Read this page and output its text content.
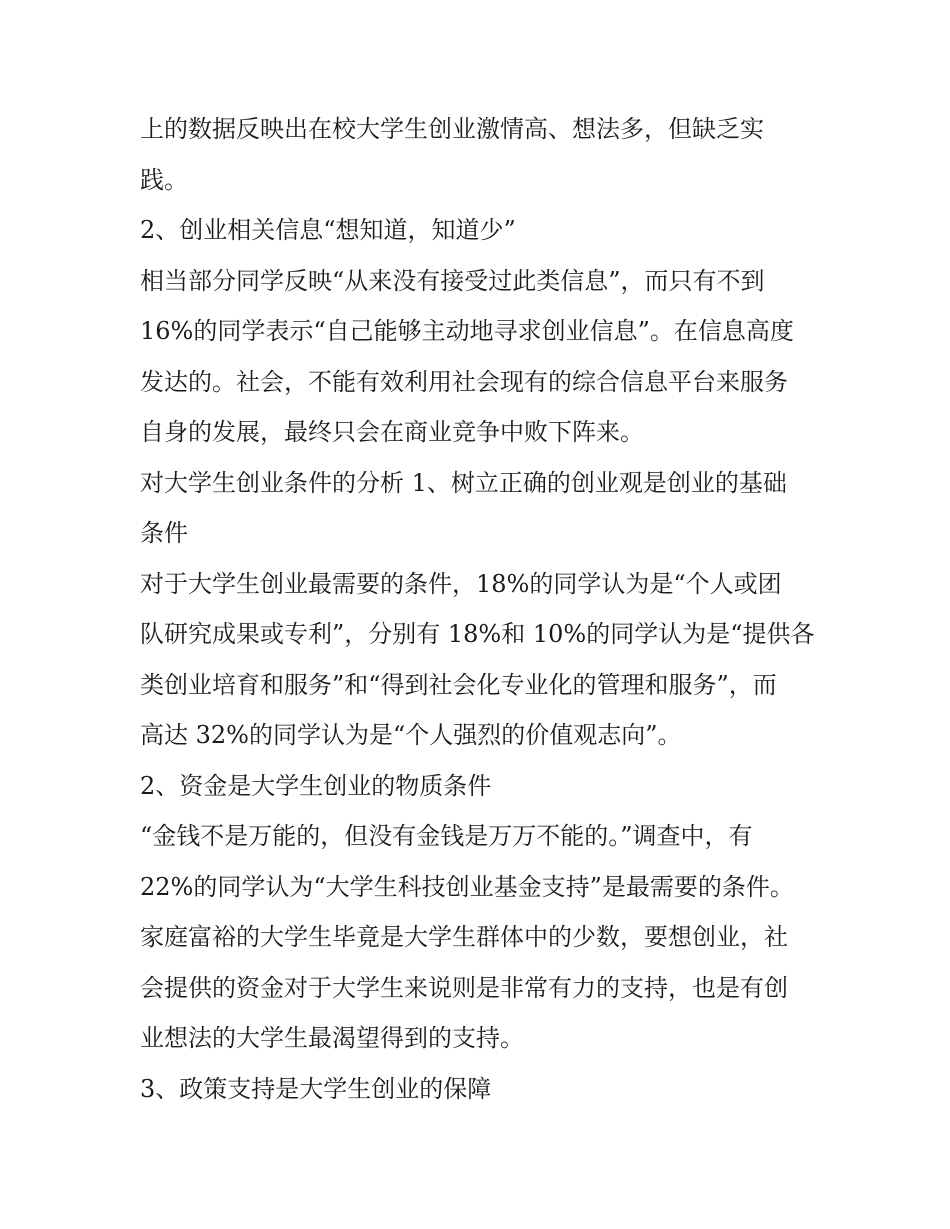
上的数据反映出在校大学生创业激情高、想法多，但缺乏实
践。
2、创业相关信息“想知道，知道少”
相当部分同学反映“从来没有接受过此类信息”，而只有不到
16%的同学表示“自己能够主动地寻求创业信息”。在信息高度
发达的。社会，不能有效利用社会现有的综合信息平台来服务
自身的发展，最终只会在商业竞争中败下阵来。
对大学生创业条件的分析 1、树立正确的创业观是创业的基础
条件
对于大学生创业最需要的条件，18%的同学认为是“个人或团
队研究成果或专利”，分别有 18%和 10%的同学认为是“提供各
类创业培育和服务”和“得到社会化专业化的管理和服务”，而
高达 32%的同学认为是“个人强烈的价值观志向”。
2、资金是大学生创业的物质条件
“金钱不是万能的，但没有金钱是万万不能的。”调查中，有
22%的同学认为“大学生科技创业基金支持”是最需要的条件。
家庭富裕的大学生毕竟是大学生群体中的少数，要想创业，社
会提供的资金对于大学生来说则是非常有力的支持，也是有创
业想法的大学生最渴望得到的支持。
3、政策支持是大学生创业的保障
